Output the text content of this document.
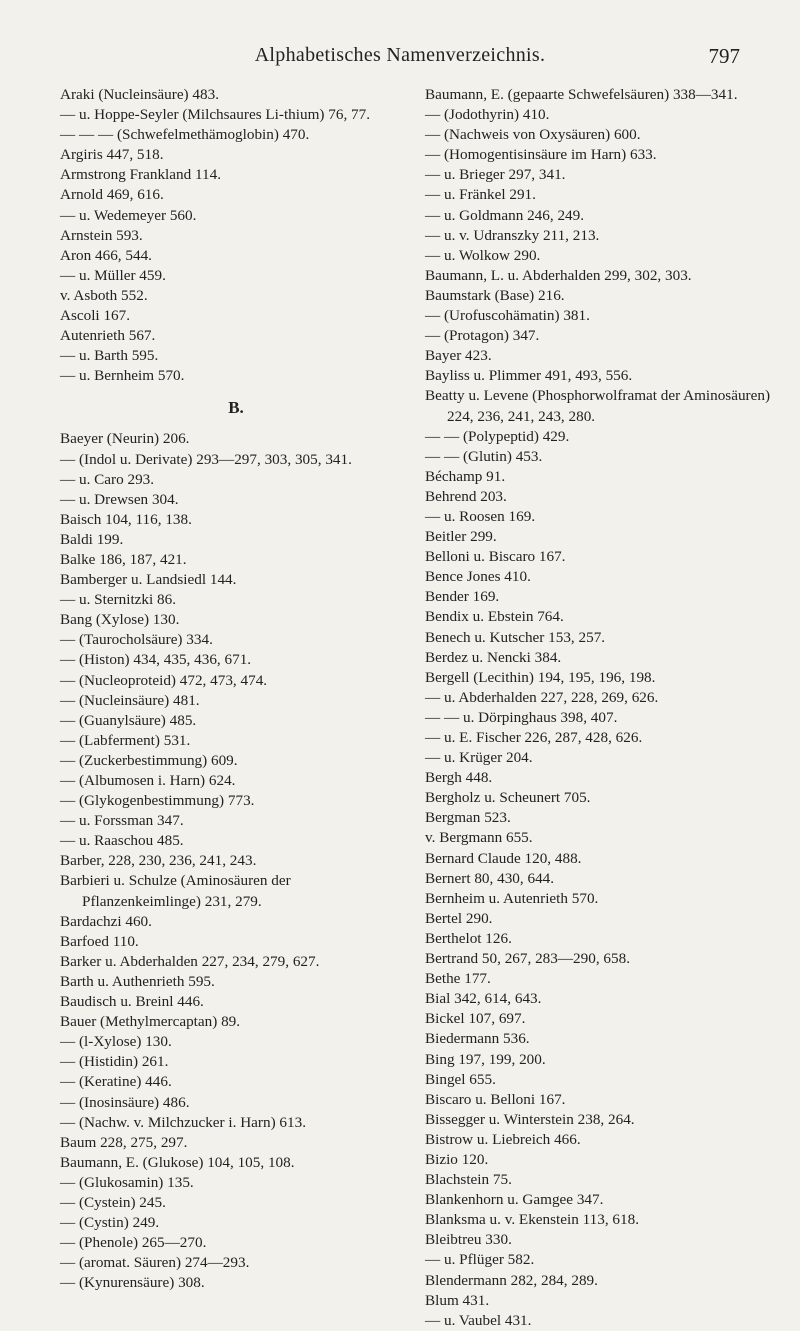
Alphabetisches Namenverzeichnis.	797

Araki (Nucleinsäure) 483.

— u. Hoppe-Seyler (Milchsaures Li-thium) 76, 77.

— — — (Schwefelmethämoglobin) 470.

Argiris 447, 518.

Armstrong Frankland 114.

Arnold 469, 616.

— u. Wedemeyer 560.

Arnstein 593.

Aron 466, 544.

— u. Müller 459.

v. Asboth 552.

Ascoli 167.

Autenrieth 567.

— u. Barth 595.

— u. Bernheim 570.

B.

Baeyer (Neurin) 206.

— (Indol u. Derivate) 293—297, 303, 305, 341.

— u. Caro 293.

— u. Drewsen 304.

Baisch 104, 116, 138.

Baldi 199.

Balke 186, 187, 421.

Bamberger u. Landsiedl 144.

— u. Sternitzki 86.

Bang (Xylose) 130.

— (Taurocholsäure) 334.

— (Histon) 434, 435, 436, 671.

— (Nucleoproteid) 472, 473, 474.

— (Nucleinsäure) 481.

— (Guanylsäure) 485.

— (Labferment) 531.

— (Zuckerbestimmung) 609.

— (Albumosen i. Harn) 624.

— (Glykogenbestimmung) 773.

— u. Forssman 347.

— u. Raaschou 485.

Barber, 228, 230, 236, 241, 243.

Barbieri u. Schulze (Aminosäuren der Pflanzenkeimlinge) 231, 279.

Bardachzi 460.

Barfoed 110.

Barker u. Abderhalden 227, 234, 279, 627.

Barth u. Authenrieth 595.

Baudisch u. Breinl 446.

Bauer (Methylmercaptan) 89.

— (l-Xylose) 130.

— (Histidin) 261.

— (Keratine) 446.

— (Inosinsäure) 486.

— (Nachw. v. Milchzucker i. Harn) 613.

Baum 228, 275, 297.

Baumann, E. (Glukose) 104, 105, 108.

— (Glukosamin) 135.

— (Cystein) 245.

— (Cystin) 249.

— (Phenole) 265—270.

— (aromat. Säuren) 274—293.

— (Kynurensäure) 308.

Baumann, E. (gepaarte Schwefelsäuren) 338—341.

— (Jodothyrin) 410.

— (Nachweis von Oxysäuren) 600.

— (Homogentisinsäure im Harn) 633.

— u. Brieger 297, 341.

— u. Fränkel 291.

— u. Goldmann 246, 249.

— u. v. Udranszky 211, 213.

— u. Wolkow 290.

Baumann, L. u. Abderhalden 299, 302, 303.

Baumstark (Base) 216.

— (Urofuscohämatin) 381.

— (Protagon) 347.

Bayer 423.

Bayliss u. Plimmer 491, 493, 556.

Beatty u. Levene (Phosphorwolframat der Aminosäuren) 224, 236, 241, 243, 280.

— — (Polypeptid) 429.

— — (Glutin) 453.

Béchamp 91.

Behrend 203.

— u. Roosen 169.

Beitler 299.

Belloni u. Biscaro 167.

Bence Jones 410.

Bender 169.

Bendix u. Ebstein 764.

Benech u. Kutscher 153, 257.

Berdez u. Nencki 384.

Bergell (Lecithin) 194, 195, 196, 198.

— u. Abderhalden 227, 228, 269, 626.

— — u. Dörpinghaus 398, 407.

— u. E. Fischer 226, 287, 428, 626.

— u. Krüger 204.

Bergh 448.

Bergholz u. Scheunert 705.

Bergman 523.

v. Bergmann 655.

Bernard Claude 120, 488.

Bernert 80, 430, 644.

Bernheim u. Autenrieth 570.

Bertel 290.

Berthelot 126.

Bertrand 50, 267, 283—290, 658.

Bethe 177.

Bial 342, 614, 643.

Bickel 107, 697.

Biedermann 536.

Bing 197, 199, 200.

Bingel 655.

Biscaro u. Belloni 167.

Bissegger u. Winterstein 238, 264.

Bistrow u. Liebreich 466.

Bizio 120.

Blachstein 75.

Blankenhorn u. Gamgee 347.

Blanksma u. v. Ekenstein 113, 618.

Bleibtreu 330.

— u. Pflüger 582.

Blendermann 282, 284, 289.

Blum 431.

— u. Vaubel 431.
